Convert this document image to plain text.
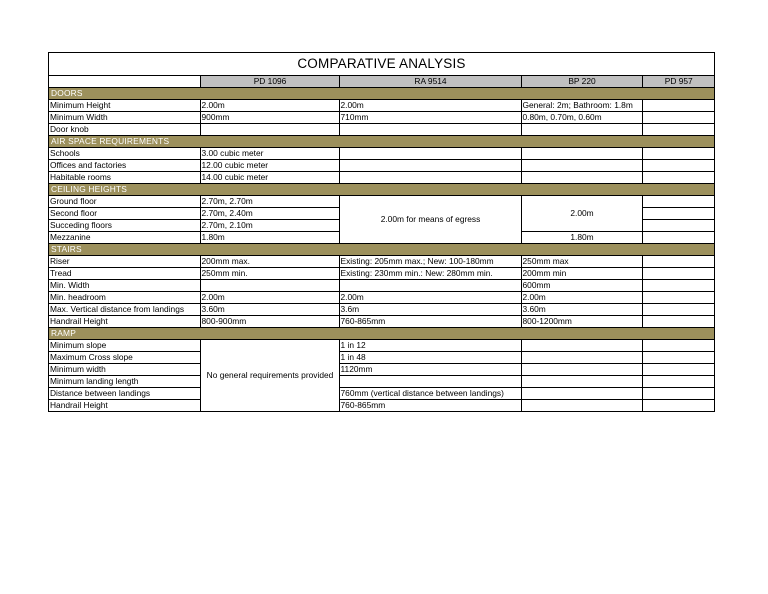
COMPARATIVE ANALYSIS
	PD 1096	RA 9514	BP 220	PD 957
DOORS				
Minimum Height	2.00m	2.00m	General: 2m; Bathroom: 1.8m	
Minimum Width	900mm	710mm	0.80m, 0.70m, 0.60m	
Door knob				
AIR SPACE REQUIREMENTS				
Schools	3.00 cubic meter			
Offices and factories	12.00 cubic meter			
Habitable rooms	14.00 cubic meter			
CEILING HEIGHTS				
Ground floor	2.70m, 2.70m	2.00m for means of egress	2.00m	
Second floor	2.70m, 2.40m			
Succeding floors	2.70m, 2.10m			
Mezzanine	1.80m		1.80m	
STAIRS				
Riser	200mm max.	Existing: 205mm max.; New: 100-180mm	250mm max	
Tread	250mm min.	Existing: 230mm min.: New: 280mm min.	200mm min	
Min. Width			600mm	
Min. headroom	2.00m	2.00m	2.00m	
Max. Vertical distance from landings	3.60m	3.6m	3.60m	
Handrail Height	800-900mm	760-865mm	800-1200mm	
RAMP				
Minimum slope	No general requirements provided	1 in 12		
Maximum Cross slope		1 in 48		
Minimum width		1120mm		
Minimum landing length				
Distance between landings		760mm (vertical distance between landings)		
Handrail Height		760-865mm		
